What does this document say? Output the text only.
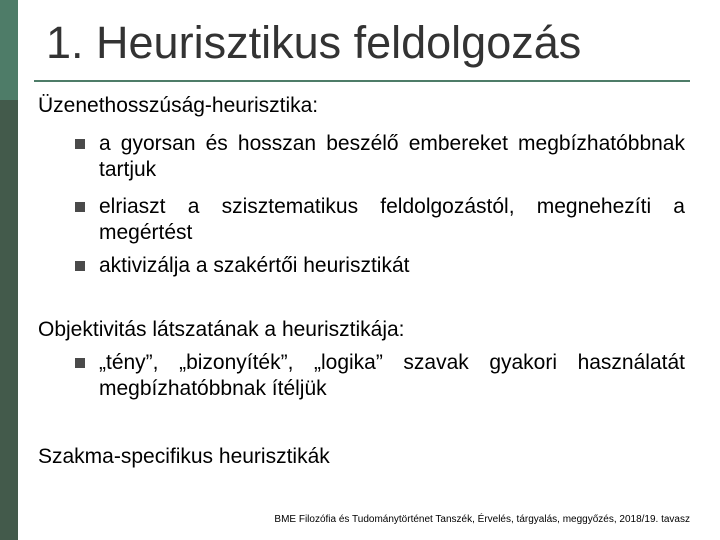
1. Heurisztikus feldolgozás
Üzenethosszúság-heurisztika:
a gyorsan és hosszan beszélő embereket megbízhatóbbnak tartjuk
elriaszt a szisztematikus feldolgozástól, megnehezíti a megértést
aktivizálja a szakértői heurisztikát
Objektivitás látszatának a heurisztikája:
„tény”, „bizonyíték”, „logika” szavak gyakori használatát megbízhatóbbnak ítéljük
Szakma-specifikus heurisztikák
BME Filozófia és Tudománytörténet Tanszék, Érvelés, tárgyalás, meggyőzés, 2018/19. tavasz
